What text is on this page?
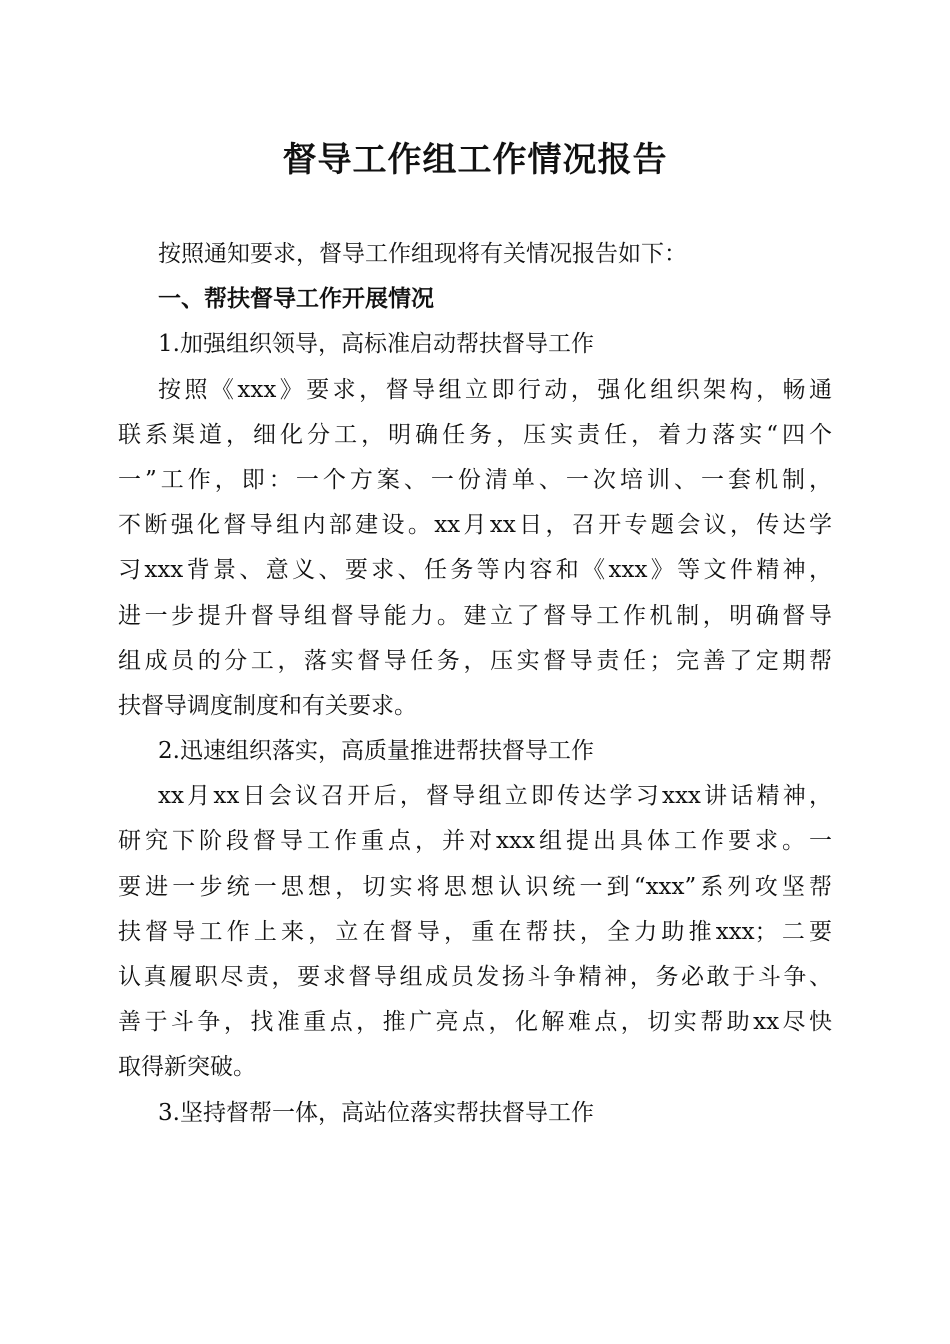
督导工作组工作情况报告
按照通知要求，督导工作组现将有关情况报告如下：
一、帮扶督导工作开展情况
1.加强组织领导，高标准启动帮扶督导工作
按照《xxx》要求，督导组立即行动，强化组织架构，畅通
联系渠道，细化分工，明确任务，压实责任，着力落实“四个
一”工作，即：一个方案、一份清单、一次培训、一套机制，
不断强化督导组内部建设。xx月xx日，召开专题会议，传达学
习xxx背景、意义、要求、任务等内容和《xxx》等文件精神，
进一步提升督导组督导能力。建立了督导工作机制，明确督导
组成员的分工，落实督导任务，压实督导责任；完善了定期帮
扶督导调度制度和有关要求。
2.迅速组织落实，高质量推进帮扶督导工作
xx月xx日会议召开后，督导组立即传达学习xxx讲话精神，
研究下阶段督导工作重点，并对xxx组提出具体工作要求。一
要进一步统一思想，切实将思想认识统一到“xxx”系列攻坚帮
扶督导工作上来，立在督导，重在帮扶，全力助推xxx；二要
认真履职尽责，要求督导组成员发扬斗争精神，务必敢于斗争、
善于斗争，找准重点，推广亮点，化解难点，切实帮助xx尽快
取得新突破。
3.坚持督帮一体，高站位落实帮扶督导工作
